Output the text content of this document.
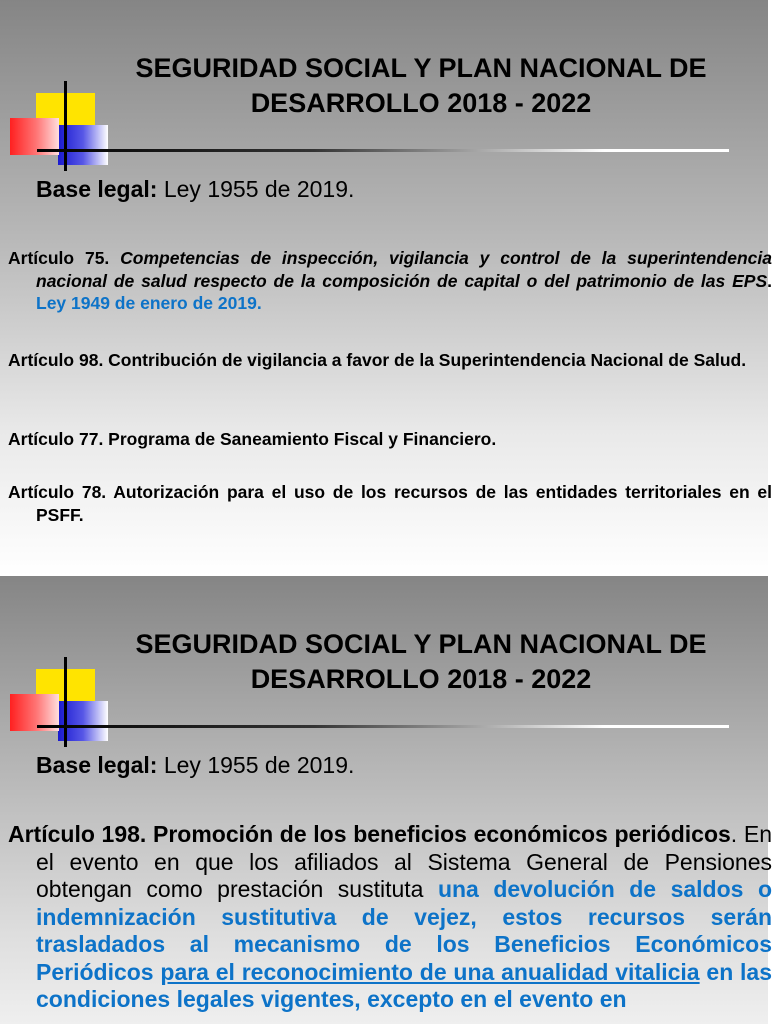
SEGURIDAD SOCIAL Y PLAN NACIONAL DE
DESARROLLO 2018 - 2022

Base legal: Ley 1955 de 2019.

Artículo 75. Competencias de inspección, vigilancia y control de la superintendencia nacional de salud respecto de la composición de capital o del patrimonio de las EPS. Ley 1949 de enero de 2019.

Artículo 98. Contribución de vigilancia a favor de la Superintendencia Nacional de Salud.

Artículo 77. Programa de Saneamiento Fiscal y Financiero.

Artículo 78. Autorización para el uso de los recursos de las entidades territoriales en el PSFF.

SEGURIDAD SOCIAL Y PLAN NACIONAL DE
DESARROLLO 2018 - 2022

Base legal: Ley 1955 de 2019.

Artículo 198. Promoción de los beneficios económicos periódicos. En el evento en que los afiliados al Sistema General de Pensiones obtengan como prestación sustituta una devolución de saldos o indemnización sustitutiva de vejez, estos recursos serán trasladados al mecanismo de los Beneficios Económicos Periódicos para el reconocimiento de una anualidad vitalicia en las condiciones legales vigentes, excepto en el evento en
